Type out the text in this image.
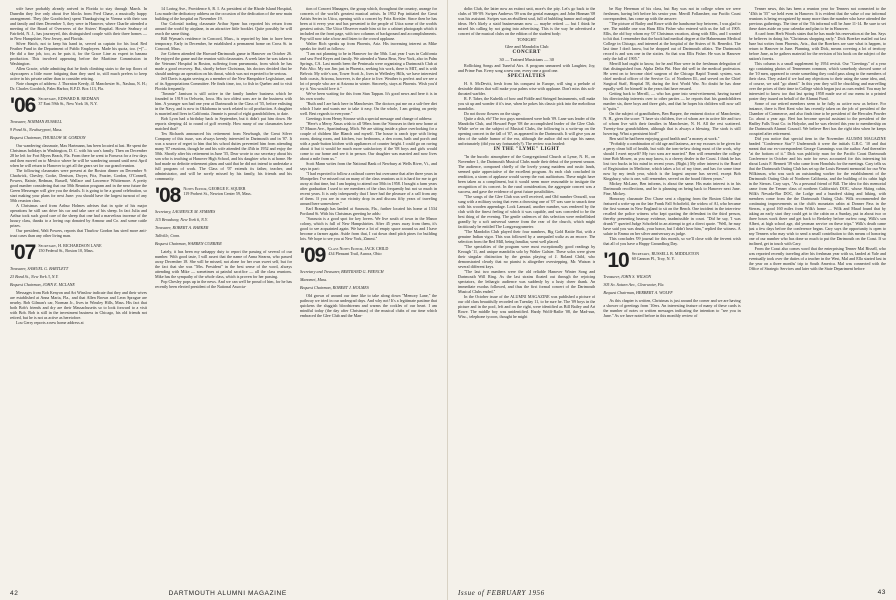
wife have probably already arrived in Florida to stay through March. In Dunedin they live only about five blocks from Fred Chase, a musically happy arrangement. They (the Goodriches) spent Thanksgiving in Vienna with their son and family and then December 5, they were in Hanover, where Charlie attended a meeting of the Board of Overseers of the Sisters' Hospital. Howie Seabury of Fairfield, N. J., has journeyed, this distinguished couple with their three homes — in New Hampshire, New Jersey, and Florida.

Silver Hatch, not to keep his hand in, served as captain for his local Red Feather Fund in the Department of Public Employees. Made his quota, too. (=)"... He did a fine job, too, as he puts it, for the Grace Line as expert in banana production. This involved appearing before the Maritime Commission in Washington.

Allen Gracie, while admitting that he finds climbing stairs to the top floors of skyscrapers a little more fatiguing than they used to, still much prefers to keep active in his private rather than to consider retiring.

Note changes of address: J. Thornton Keedy, 41 Manchester St., Nashua, N. H.; Dr. Charles Goodrich, Palm Harbor, R.F.D. Box 113, Fla.

'06 Secretary, EDWARD B. REDMAN
37 East 59th St., New York 16, N.Y.
Treasurer, NORMAN RUSSELL
9 Pond St., Newburyport, Mass.
Bequest Chairman, THURLOW M. GORDON

Our wandering classmate, Max Hartmann, has been located at last. He spent the Christmas holidays in Washington, D. C. with his son's family. Then on December 28 he left for Fort Myers Beach, Fla. From there he went to Fonseca for a few days and then moved on to Mexico where he will be wandering around until next April when he will return to Hanover to get all the gears set for our grand reunion.

The following classmates were present at the Boston dinner on December 9: Chadwick, Chesley, Cooke, Denison, Dwyer, Fitz, Frazier, Gordon, O'Connell, Powers, Rainie, Redman, Russell, Wallace and Lawrence Whittemore. A pretty good number considering that our 50th Reunion program and in the near future the Green Messenger will give you the details. It is going to be a grand celebration, so start making your plans for next June: you should have the largest turnout of any 50th reunion class.

A Christmas card from Arthur Holmes advises that in spite of his major operations he still can drive his car and take care of his sheep. In fact Julia and Arthur took such good care of the sheep that one had a marvelous increase of the luxury class, thanks to a loving cup donated by Armour and Co. and some cattle prizes.

Our president, Walt Powers, reports that Thurlow Gordon has sired more anti-trust cases than any other living man.

'07 Secretary, H. RICHARDSON LANE
150 Federal St., Boston 10, Mass.
Treasurer, SAMUEL G. BARTLETT
23 Bond St., New York 3, N.Y.
Bequest Chairman, JOHN E. MCLANE

Messages from Bob Kenyon and Art Winslow indicate that they and their wives are established at Anna Maria, Fla., and that Allen Brown and Leon Sprague are nearby. Bob Gilman's car, Norman Jr., lives in Winsley Hills, Mass. His fact that both Bob's friends and dry are their Massachusetts so to look forward to a visit with Bob. Bob is still in the investment business in Chicago, his old friends not retired, but he is not as active as heretofore.

Lou Gerry reports a new home address at

14 Loring Ave., Providence 6, R. I. As president of the Rhode Island Hospital, Lou made the dedicatory address on the occasion of the dedication of the new main building of the hospital on November 19.

Our Colonial trading classmate Arthur Spear has reported his return from around the world by airplane, in an attractive little booklet. Quite possibly he will reach the same thing.

Bill Wyman's residence in Concord, Mass., is reported by him to have been temporary. Early in December, he established a permanent home on Cross St. in Concord, Mass.

Joe Cobern attended the Harvard-Dartmouth game in Hanover on October 26. He enjoyed the game and the reunion with classmates. A week later he was taken to the Veterans' Hospital in Boston, suffering from pneumonia, from which he has made a good recovery. But, shortly before Christmas, his doctors decided that he should undergo an operation on his throat, which was not expected to be serious.

Jeff Davis is again serving as a member of the New Hampshire Legislature, and of its Appropriations Committee. He finds time, too, to fish in Quebec and to visit Florida frequently.

"Jimmie" Jamison is still active in the family lumber business which he founded in 1919 in Oelwein, Iowa. His two oldest sons are in the business with him. A younger son had one year at Dartmouth in the Class of '55, before enlisting in the Navy, and is now in Oklahoma in work related to oil production. A daughter is married and lives in California. Jimmie is proud of eight grandchildren, to date.

Bob Lyon had a birthday back in September, but it didn't put him down. He reports sleeping 44 to round of golf recently. How many of our classmates have matched that?

Tex Richards announced his retirement from Newburgh, the Great Silver Company of this issue, was always keenly interested in Dartmouth and in '07. It was a source of regret to him that his school duties prevented him from attending many '07 reunions, though he and his wife attended the 45th in 1952 and enjoy the 50th. Shortly after his retirement in June '55, Dear wrote to our secretary about his son who is teaching at Hanover High School, and his daughter who is at home. He had made no definite retirement plans and said that he did not intend to undertake a full program of work. The Class of '07 extends its father, teacher, and administrator, and will be sorely missed by his family, his friends and his community.

'08 Notes Editor, GEORGE E. SQUIER
119 Probert St., Newton Center 59, Mass.
Secretary, LAURENCE M. SYMMES
115 Broadway, New York 6, N.Y.
Treasurer, ROBERT A. BARKER
Tallville, Conn.
Bequest Chairman, WARREN CURRIER

Lately, it has been my unhappy duty to report the passing of several of our number. With good taste, I will assert that the name of Anna Stearns, who passed away December 18. She will be missed, not alone for her own sweet self, but for the fact that she was "Mrs. President" in the best sense of the word, always attending with Mike — sometimes at painful sacrifice — all the class reunions. Mike has the sympathy of the whole class, which is proven for her passing.

Pop Chesley pops up in the news. And we can well be proud of him, for he has recently been elected president of the National Associa-

tion of Concert Managers, the group which, throughout the country, arrange for concerts of the world's greatest musical artists. In 1952 Pop initiated the Great Artists Series in Utica, opening with a concert by Fritz Kreisler. Since then he has been at it every year and has presented to the people of Utica some of the worlds greatest artists. The Utica Observer made him sit for a cabinet photograph which it included on the front page, with two columns of background and accomplishments. Pop will now take a bow and listen to the crowd applause.

Walter Rich speaks up from Phoenix, Ariz. His increasing interest as Mike speaks for itself as follows:

"I am not planning to be in Hanover for the 50th. Last year I was in California and saw Fred Keyes and family. We attended a Yuma Bear, New York, also in Palm Springs, CA. Last month been the Peninsula were organizing a Dartmouth Club at Palo Alto. My son Jim just in Phoenix, seeking his work, there is MIT, and is with Belvoir. My wife's son, Tower Scott Jr., lives in Wellesley Hills, we have interested both coasts, Arizona, however, is the place to live. Weather is perfect and we see a lot of people who are at Arizona in winter. Sincerely, stays at Phoenix. Wish you'd try it. You would love it."

We've been waiting for this from Stan Tappan. It's good news and here it is in his own words:

"Ruth and I are back here in Manchester. The doctors put me on a salt-free diet which I hate and wants me to take it easy. On the whole, I am getting on pretty well. Best regards to everyone."

Greetings from Henry Strouse with a special message and change of address:

"Here's a Merry Xmas wish to all '08ers from the 'Strouses in their new home at 57 Mason Ave., Spartinsburg, Mich. We are sitting inside a place overlooking for a couple of children like Blanch and myself. The house is ranch type with living room, dining room, and kitchen, two bedrooms, a den room, bath and porch and with a push-button kitchen with appliances of counter height. I could go on raving about it but it would be much more satisfactory if the '08 boys and girls would come to our home and see it in person. Our daughter was married and now lives about a mile from us."

Scott Mann writes from the National Bank of Newbury at Wells River, Vt., and says in part:

"I had expected to follow a railroad career but overcame that after three years in Montpelier. I've missed out on many of the class reunions as it is hard for me to get away at that time, but I am hoping to attend our 50th in 1958. I bought a farm years after graduation I used to see members of the class frequently but not so much in recent years. It is only infrequently that I have had the pleasure of a call from any of them. If you are in our vicinity drop in and discuss fifty years of traveling around here somewhere."

Earl Branagh has landed at Sarasota, Fla., further located his home at 1534 Portland St. With his Christmas greeting he adds:

"Sarasota is a good spot for key lovers. We live south of town in the Manor colony, which is full of New Hampshirites. After 45 years away from them, it's good to see acquainted again. We have a lot of empty space around us and I have become a farmer again. Aside from that, I cut down dead pitch pines for building lots. We hope to see you at New York, Zimmi."

'09 Class Notes Editor, JACK CHILD
434 Pleasant Trail, Aurora, Ohio
Secretary and Treasurer, BERTRAND G. FRENCH
Manomet, Mass.
Bequest Chairman, ROBERT J. HOLMES

Old grown of around our time like to take along down "Memory Lane," the pathway we tried in our undergrad days. And why not! It's a legitimate pastime that quickens the sluggish bloodstream and warms the cockles of our heart. I am mindful today (the day after Christmas) of the musical clubs of our time which embraced the Glee Club and the Man-

42	DARTMOUTH ALUMNI MAGAZINE

dolin Club, the latter now an extinct unit, more's the pity. Let's go back to the clubs of '08-'09. Swipes Andrews '09 was the genial manager, and John Hinman '08 was his assistant. Swipes was an ebullient soul, full of bubbling humor and original ideas. He's likely a staid businessman now — maybe retired — but I think he mixed his calling by not going into advertising. This is the way he advertised a concert of the musical clubs on the edition of the student body:

TONIGHT
Glee and Mandolin Club
CONCERT
30 — Trained Musicians — 30

Rollicking Songs and Tuneful Airs. A program unmarred with Laughter, Joy, and Prime Fun. Every song a new one, every one a good one.

SPECIALTIES

H. S. McDevitt, fresh from his conquest in Europe, will sing a prelude of desirable ditties that will make your palms wise with applause. Don't miss this soft-throated warbler.

R. F. Taber, the Kubelik of bow and Fiddle and Stringed Instruments, will make you sit up and wonder if it's true, when he pokes his classic pick into the melodious mandolin.

Do not throw flowers on the stage.

Quite a dish, eh? The two guys mentioned were both '09. Lane was leader of the Mandolin Club, and Howard Pope '08 the accomplished leader of the Glee Club. While we're on the subject of Musical Clubs, the following is a write-up on the opening concert in the fall of '07, as appeared in the Dartmouth. It will give you an idea of the subtle humor of the era, although the author did not sign his name, unfortunately (did you say fortunately?). The review was headed:

IN THE "LYME" LIGHT

"In the bucolic atmosphere of the Congregational Church at Lyme, N. H., on November 1, the Dartmouth Musical Clubs made their debut of the present season. The audience, composed chiefly of the lovely young maidens and rustic lands, seemed quite appreciative of the excellent program. As each club concluded its rendition, a storm of applause would sweep the vast auditorium. These might have been taken as a compliment, but it would seem more reasonable to instigate the recognition of its concert. In the rural consideration, the aggregate concert was a success, and gave the evidence of great future possibilities.

"The songs of the Glee Club was well received, and Old number Orawall, was sung with a military swing that even a drowsing one of '07 was sure to smack time with his wooden appendage. Lock Lamoad, another number, was rendered by the club with the finest feeling of which it was capable, and was conceded to be the best thing of the evening. The gentle cadences of this selection were embellished grandly by a soft universal sneeze from the rear of the church, which might factitiously be entitled The Longyawgrumeter.

"The Mandolin Club played their four numbers, Big Gold Rattie Rat, with a genuine Indian vigor. This was followed by a unequaled waltz as an encore. The selection from the Red Mill, being familiar, went well placed.

"The specialties of the program were most exceptionally good readings by Keough '11, and unique mandolin solo by Walter Galster. These solos were given their singular distinction by the genius playing of J. Roland Child, who demonstrated clearly that no pianist is altogether overstepping. Mr. Watson is several different keys.

"The last two numbers were the old reliable Hanover Winter Song and Dartmouth Will Ring. As the last strains floated out through the rejoicing spectators, the lethargic audience was suddenly by a lusty cheer thank. An immediate exodus followed, and thus the first formal concert of the Dartmouth Musical Clubs ended."

In the October issue of the ALUMNI MAGAZINE was published a picture of our old class beautifully recorded on Tuesday 11, to be sure he. The '09 boys in the picture and in the pool, left and on the right, were identified as Bill Bailey and Art Rowe. The middle boy was unidentified. Hardy Wolff-Bailie '08, the Mad-sun, Wisc., telephone tycoon, thought he might

be Ray Hereman of his class, but Ray was not in college when we were freshmen, having left before his senior year. Merrill Follansbee, our Pacific Coast correspondent, has come up with the answer:

"The picture of Bailey and Rowe with the handsome boy between, I was glad to see. The middle one was Hans Ellis Fisher who entered with us the fall of 1905. Ellis, the old boy whom my '07 Christmas vacation, along with Ellis, and I wanted to hit that. I remember that the book had medical degree at the Hahnemann Medical College in Chicago, and interned at the hospital of the Sisters of St. Benedict. The last time I don't know, but he dropped out of Dartmouth affairs. The Dartmouth record is and was one in the sixties. So that was Ellis Fisher. He was in Hanover only the fall of 1905."

Merrill had ought to know, for he and Harr were in the freshman delegation of that distinguished fran. Alpha Delta Phi. Harr did well in the medical profession. He went on to become chief surgeon of the Chicago Rapid Transit system, was chief medical officer of the Service Co. of Northern Ill., and served on the Chief Surgical Staff, Hospital 58, during the first World War. No doubt he has done equally well for himself in the years that have ensued.

Getting back to Merrill, — who has gone into semi-retirement, having turned his directorship interests over to other parties — he reports that his grandchildren number six, three boys and three girls, and that he hopes his children will now call it "quits."

On the subject of grandfathers, Ben Burpee, the eminent doctor of Manchester, N. H., gives the score: "I have six children, five of whom are in active life and two of whom live with their families in Manchester, N. H. All the rest scattered. Twenty-four grandchildren, although that is always a blessing. The stork is still hovering. What a persistent bird!"

Ben said he had been enjoying good health and "a money at work."

"Probably a combination of old age and laziness, are my excuses to be given for a perry clean bill of health, but with the tom-in-law doing most of the work, why should I exert myself? My two sons are married." Ben will remember the college time Bob Mower, as you may know, is a cheery dealer in the Coast. I think he has lost two bucks in his mind in recent years. (Right.) My other interest is the Board of Registration in Medicine, which takes a lot of my time, and has for some time now by my tenth year, which is the largest anyone has served, except Bob Kingsbury, who is one, will remember, served on the board fifteen years."

Mickey McLane, Ben informs, is about the same. His main interest is in his Dartmouth recollections, and he is planning on being back to Hanover next June. Fine, Mickey.

Honorary classmate Doc Chase sent a clipping from the Boston Globe that featured a write-up on the late Frank Fall Schofield, the widow of Al, who became the first woman in New England to sit on the Bench. One incident in the interview recalled the police witness who kept quoting the defendant in the third person, thereby presenting hearsay evidence, inadmissible in court. "Did he say, 'I was drunk'?" queried Judge Schofield in an attempt to get a direct quote. "Well, he may have said you was drunk, your honor, but I didn't hear him," replied the witness. A salute to Emma on her silver anniversary as judge.

This concludes '09 journal for this month, so we'll close with the fervent wish that all of you have a Happy Groundhog Day.

'10 Secretary, RUSSELL B. MIDDLETON
60 Cannon Pl., Troy, N. Y.
Treasurer, JOHN S. WILSON
305 So. Saturn Ave., Clearwater, Fla.
Bequest Chairman, HERBERT A. WOLFF

As this chapter is written, Christmas is just around the corner and we are having a shower of greetings from '10ers. An interesting feature of many of these cards is the number of notes or written messages indicating the intention to "see you in June." As we have noted before in this monthly review of

Tenner news, this has been a reunion year for Tenners not connected to the "45th in '55" we held even in Hanover. It is evident that the value of our informal reunions is being recognized by many more than the number who have attended the previous gatherings. The time of the 7th informal will be June 11-14. Be sure to set these dates aside on your calendar and plan to be in Hanover.

A card from Herb Woods states that he has made his reservation at the Inn. Says he believes in doing his "Christmas shopping early." Dick Boerker mailed out last June but writes from Phoenix, Ariz., that the Boerkers are sure what is happen, to return to Hanover in June. Planning, with Dick, means covering a lot of territory before June, as he gathers material for the revision of his book on the subject of the nation's forests.

This column is a small supplement by 1954 revisit. Our "Greetings" of a year ago containing photos of Tennermen common, which somebody showed some of the '10 men, appeared to create something they could pass along to the members of their class. They asked if we had any objections to their using the same idea, and, of course, we said "go ahead." In this year they will be chuckling and marvelling over the prices of their time in College which began just as ours ended. You may be interested to know too that last spring 1958 made use of our menu in a printed poster they issued on behalf of the Alumni Fund.

Some of our retired members seem to be fully as active now as before. For instance, there is Bert Kent who has recently taken on the job of president of the Chamber of Commerce, and also finds time to be president of the Hercules Powder Co. about a year ago. Bert has become special assistant to the president of the Hadley Falls Trust Co. in Holyoke, and he was elected this year to membership on the Dartmouth Alumni Council. We believe Bert has the right idea when he keeps occupied after retirement.

Did you notice that special item in the November ALUMNI MAGAZINE headed "Conference Star"? Underneath it were the initials G.R.C. '10 and that meant that our ex-correspondent George Cummings was the author. And thereafter "at the bottom of it." Dick was publicity man for the Pacific Coast Dartmouth Conference in October and his note for news accounted for this interesting bit about Louis F. Bennett '39 who came from Honolulu for the meetings. Cary tells us that the Dartmouth Outing Club has set up the Louis Bennett memorial for our Wm Wilkinson, who was such an outstanding worker for the establishment of the Dartmouth Outing Club of Northern California, and the building of its cabin high in the Sierras. Cary says, "As a personal friend of Bill. The idea for this memorial came from the Tenner class of northern California's DOC, whose Skiing cabin, Wilk's Nevada-Bar DOC, the Lodge and a hundred skiing and hiking, with members come from the the Dartmouth Outing Club. Wilk recommended the continuing improvements as the club's mountain cabin at Donner Pass in the Sierras, a good 160 miles from Wilk's home — Wilk and Maud found that by taking an early start they could get to the cabin on a Sunday, put in about two or three hours work there and get back to Berkeley before curfew rang. Wilk's son Albert, at high school age, did yeoman service on these trips." Wilk's death came just a few days before the conference began. Cary says the opportunity is open to any Tenners who may wish to send a small contribution to this means of honoring one of our number who has done so much to put the Dartmouth on the Coast. If so inclined, get in touch with Cary.

From the Coast also comes word that the enterprising Tenner Mal Bissell, who was reported recently traveling after his freshman year with us, landed at Yale and eventually took over the duties of a teacher in the West, Mal and Ella started last in the year on a three months' trip to South America. Mal was connected with the Office of Strategic Services and later with the State Department before

Issue of FEBRUARY 1956	43
